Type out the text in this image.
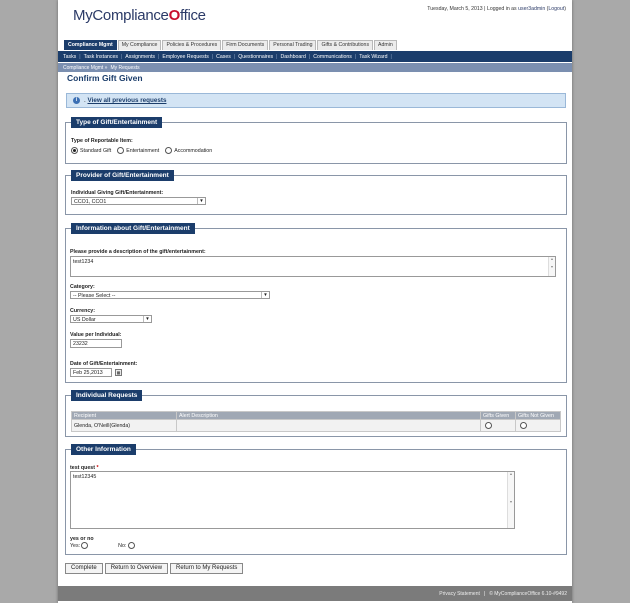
MyComplianceOffice	Tuesday, March 5, 2013 | Logged in as user3admin (Logout)
Compliance Mgmt	My Compliance	Policies & Procedures	Firm Documents	Personal Trading	Gifts & Contributions	Admin
Tasks | Task Instances | Assignments | Employee Requests | Cases | Questionnaires | Dashboard | Communications | Task Wizard |
Compliance Mgmt » My Requests
Confirm Gift Given
i	.
View all previous requests
Type of Gift/Entertainment
Type of Reportable Item:
Standard Gift	Entertainment	Accommodation
Provider of Gift/Entertainment
Individual Giving Gift/Entertainment:
CCO1, CCO1	▼
Information about Gift/Entertainment
Please provide a description of the gift/entertainment:
test1234	▲

▼
Category:
-- Please Select --	▼
Currency:
US Dollar	▼
Value per Individual:
23232
Date of Gift/Entertainment:
Feb 25,2013	▦
Individual Requests
Recipient	Alert Description	Gifts Given	Gifts Not Given
Glenda, O'Neill(Glenda)			
Other Information
test quest *
test12345	▲

▼
yes or no
Yes:	No:
Complete	Return to Overview	Return to My Requests
Privacy Statement | © MyComplianceOffice 6.10-#9492
